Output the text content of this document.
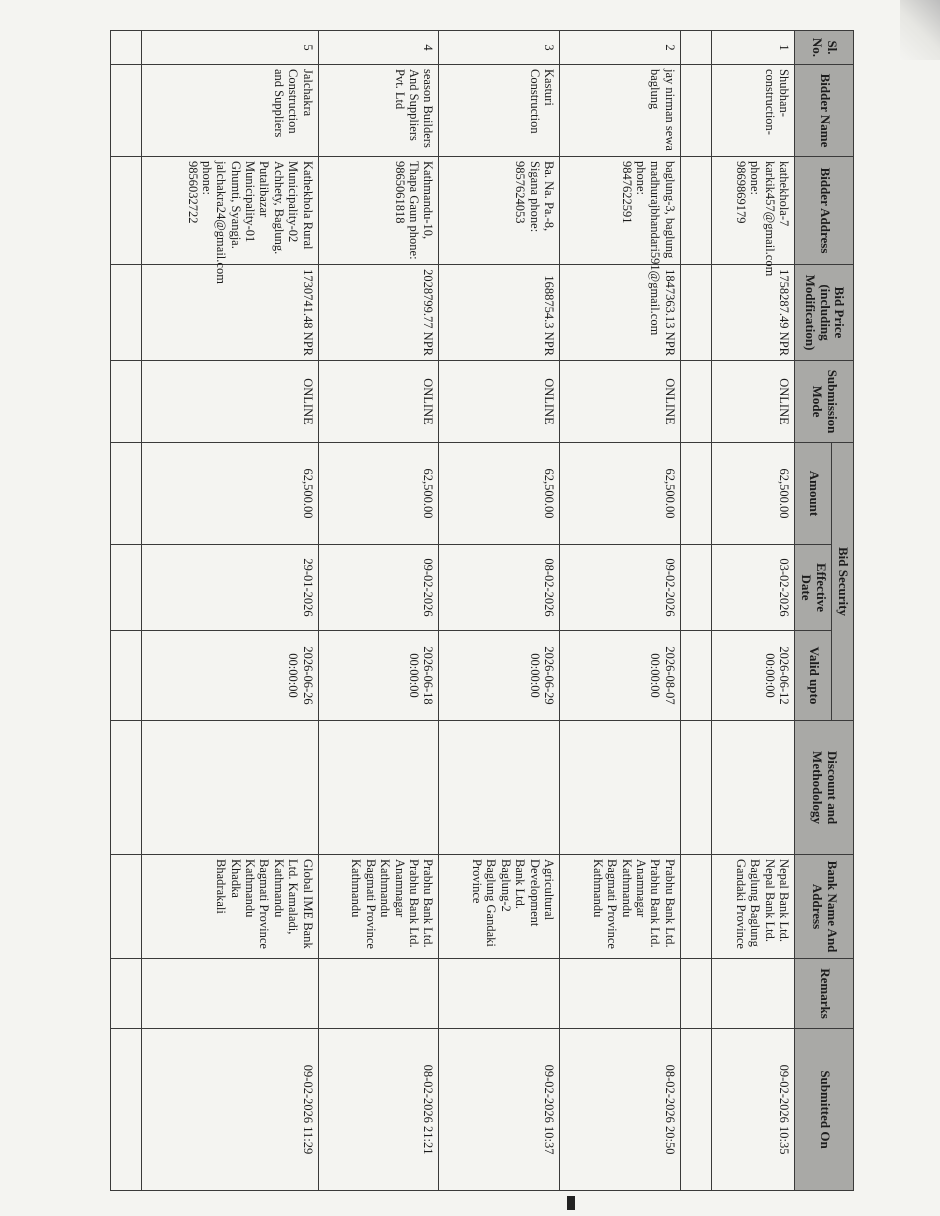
Sl. No.	Bidder Name	Bidder Address	Bid Price (including Modification)	Submission Mode	Bid Security			Discount and Methodology	Bank Name And Address	Remarks	Submitted On
					Amount	Effective Date	Valid upto				
1	Shubhan-construction-	kathekhola-7 karkik457@gmail.com phone: 9869869179	1758287.49 NPR	ONLINE	62,500.00	03-02-2026	2026-06-12 00:00:00		Nepal Bank Ltd. Nepal Bank Ltd. Baglung Baglung Gandaki Province		09-02-2026 10:35

2	jay nirman sewa baglung	baglung-3, baglung madhurajbhandari591@gmail.com phone: 9847622591	1847363.13 NPR	ONLINE	62,500.00	09-02-2026	2026-08-07 00:00:00		Prabhu Bank Ltd. Prabhu Bank Ltd. Anamnagar Kathmandu Bagmati Province Kathmandu		08-02-2026 20:50
3	Kasturi Construction	Ba. Na. Pa.-8, Sigana phone: 9857624053	1688754.3 NPR	ONLINE	62,500.00	08-02-2026	2026-06-29 00:00:00		Agricultural Development Bank Ltd. Baglung-2 Baglung Gandaki Province		09-02-2026 10:37
4	season Builders And Suppliers Pvt. Ltd	Kathmandu-10, Thapa Gaun phone: 9865061818	2028799.77 NPR	ONLINE	62,500.00	09-02-2026	2026-06-18 00:00:00		Prabhu Bank Ltd. Prabhu Bank Ltd. Anamnagar Kathmandu Bagmati Province Kathmandu		08-02-2026 21:21
5	Jalchakra Construction and Suppliers	Kathekhola Rural Municipality-02 Achhety, Baglung. Putalibazar Municipality-01 Ghumti, Syangja. jalchakra24@gmail.com phone: 9856032722	1730741.48 NPR	ONLINE	62,500.00	29-01-2026	2026-06-26 00:00:00		Global IME Bank Ltd. Kamaladi, Kathmandu Bagmati Province Kathmandu Khadka Bhadrakali		09-02-2026 11:29
